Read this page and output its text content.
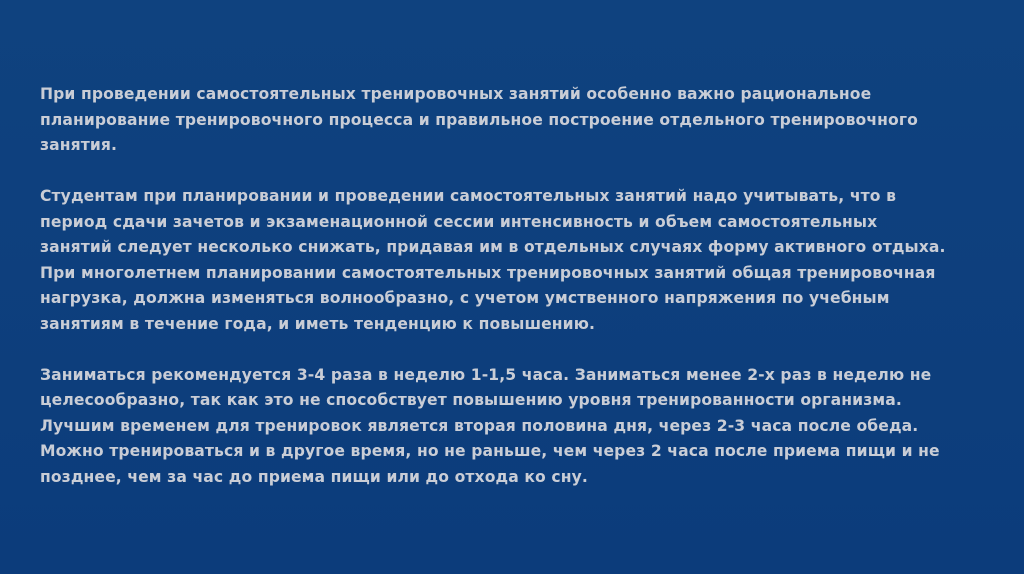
При проведении самостоятельных тренировочных занятий особенно важно рациональное
планирование тренировочного процесса и правильное построение отдельного тренировочного
занятия.
Студентам при планировании и проведении самостоятельных занятий надо учитывать, что в
период сдачи зачетов и экзаменационной сессии интенсивность и объем самостоятельных
занятий следует несколько снижать, придавая им в отдельных случаях форму активного отдыха.
При многолетнем планировании самостоятельных тренировочных занятий общая тренировочная
нагрузка, должна изменяться волнообразно, с учетом умственного напряжения по учебным
занятиям в течение года, и иметь тенденцию к повышению.
Заниматься рекомендуется 3-4 раза в неделю 1-1,5 часа. Заниматься менее 2-х раз в неделю не
целесообразно, так как это не способствует повышению уровня тренированности организма.
Лучшим временем для тренировок является вторая половина дня, через 2-3 часа после обеда.
Можно тренироваться и в другое время, но не раньше, чем через 2 часа после приема пищи и не
позднее, чем за час до приема пищи или до отхода ко сну.
